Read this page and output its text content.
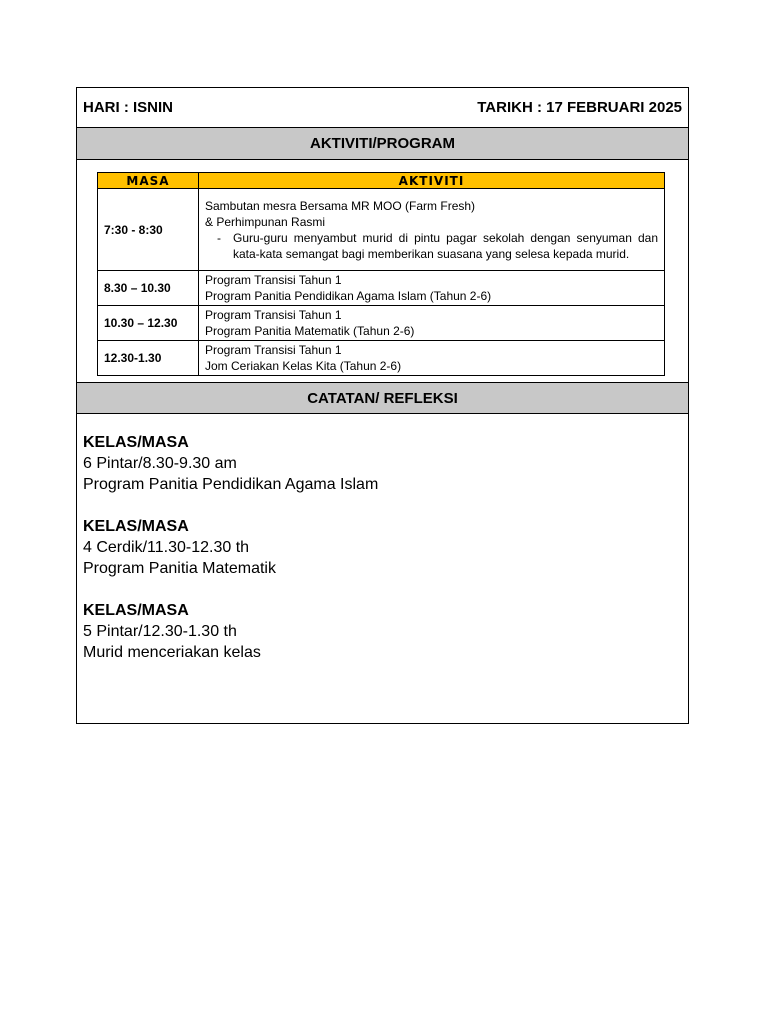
HARI : ISNIN	TARIKH : 17 FEBRUARI 2025
AKTIVITI/PROGRAM
MASA	AKTIVITI
7:30 - 8:30	Sambutan mesra Bersama MR MOO (Farm Fresh)
& Perhimpunan Rasmi
- Guru-guru menyambut murid di pintu pagar sekolah dengan senyuman dan kata-kata semangat bagi memberikan suasana yang selesa kepada murid.

8.30 – 10.30	Program Transisi Tahun 1
Program Panitia Pendidikan Agama Islam (Tahun 2-6)

10.30 – 12.30	Program Transisi Tahun 1
Program Panitia Matematik (Tahun 2-6)

12.30-1.30	Program Transisi Tahun 1
Jom Ceriakan Kelas Kita (Tahun 2-6)
CATATAN/ REFLEKSI
KELAS/MASA
6 Pintar/8.30-9.30 am
Program Panitia Pendidikan Agama Islam
KELAS/MASA
4 Cerdik/11.30-12.30 th
Program Panitia Matematik
KELAS/MASA
5 Pintar/12.30-1.30 th
Murid menceriakan kelas
